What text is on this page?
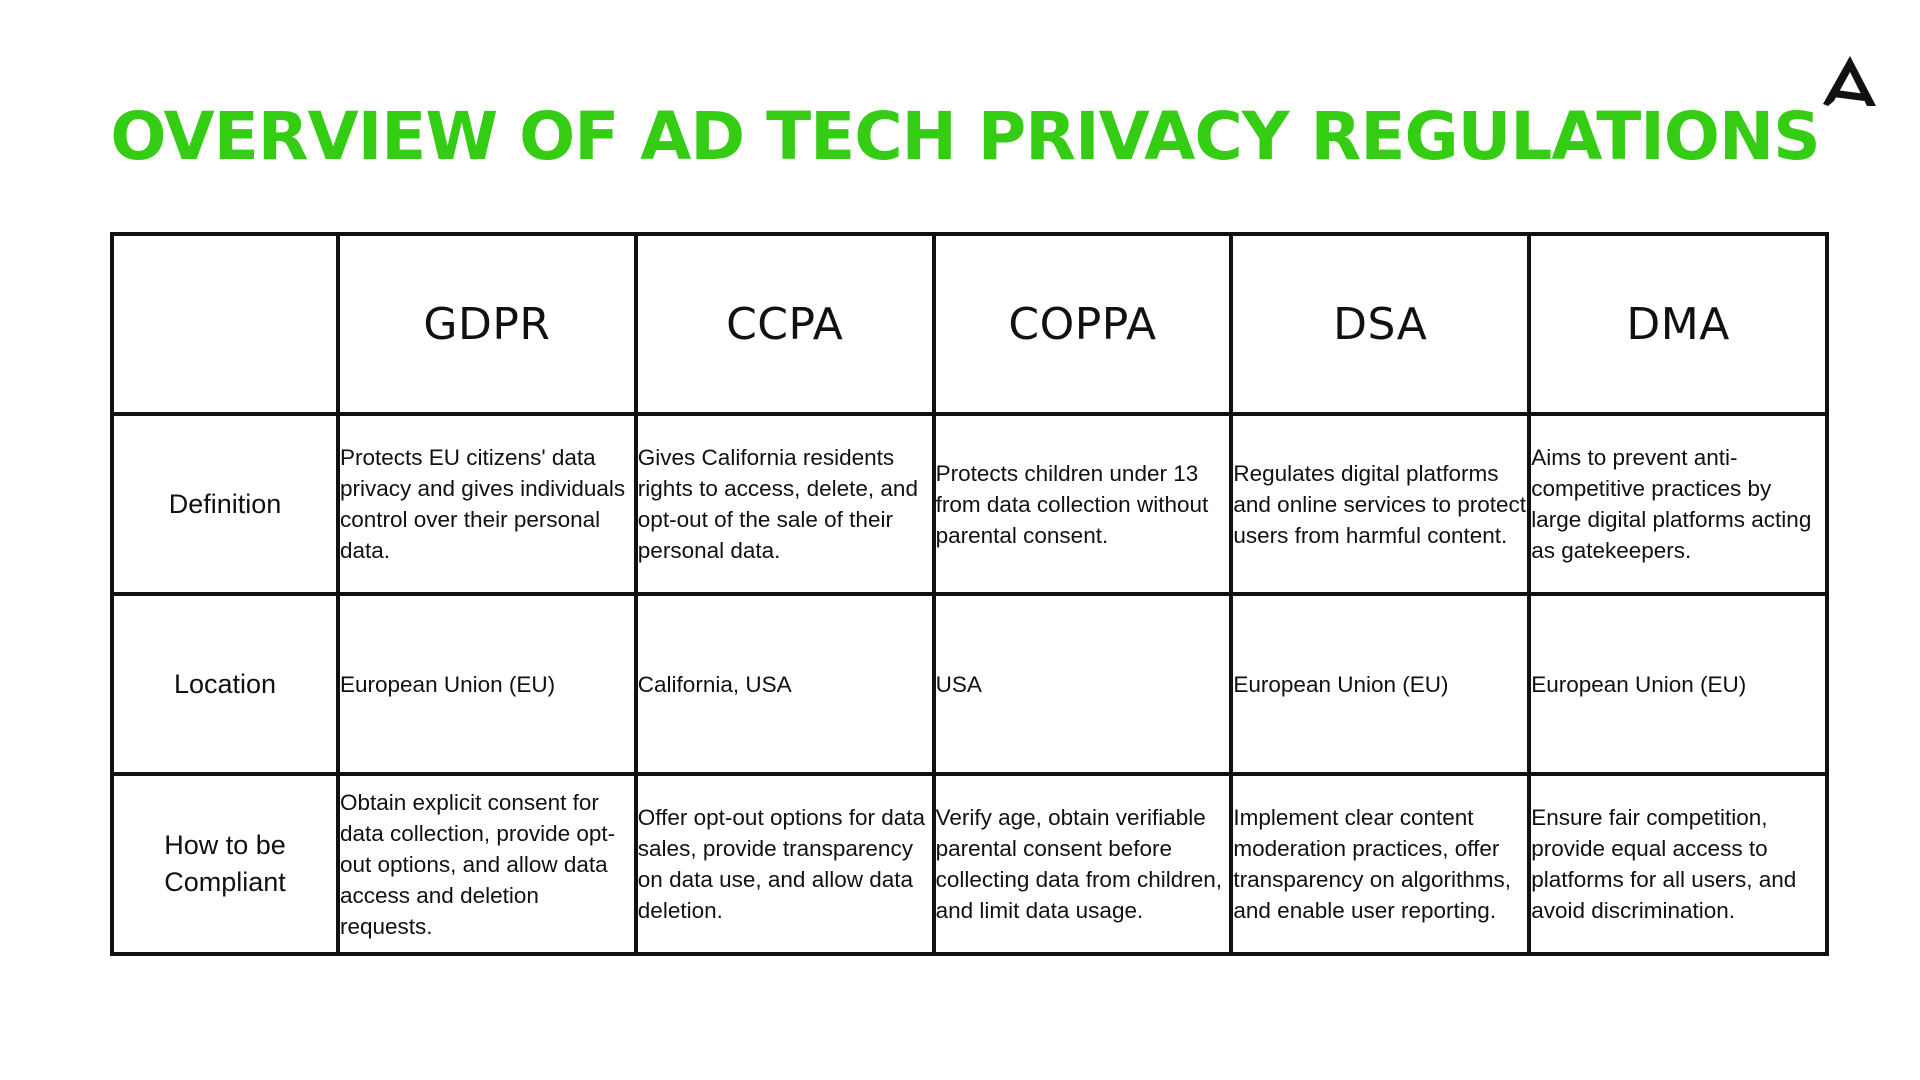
OVERVIEW OF AD TECH PRIVACY REGULATIONS
	GDPR	CCPA	COPPA	DSA	DMA
Definition	Protects EU citizens' data privacy and gives individuals control over their personal data.	Gives California residents rights to access, delete, and opt-out of the sale of their personal data.	Protects children under 13 from data collection without parental consent.	Regulates digital platforms and online services to protect users from harmful content.	Aims to prevent anti-competitive practices by large digital platforms acting as gatekeepers.
Location	European Union (EU)	California, USA	USA	European Union (EU)	European Union (EU)
How to be Compliant	Obtain explicit consent for data collection, provide opt-out options, and allow data access and deletion requests.	Offer opt-out options for data sales, provide transparency on data use, and allow data deletion.	Verify age, obtain verifiable parental consent before collecting data from children, and limit data usage.	Implement clear content moderation practices, offer transparency on algorithms, and enable user reporting.	Ensure fair competition, provide equal access to platforms for all users, and avoid discrimination.
